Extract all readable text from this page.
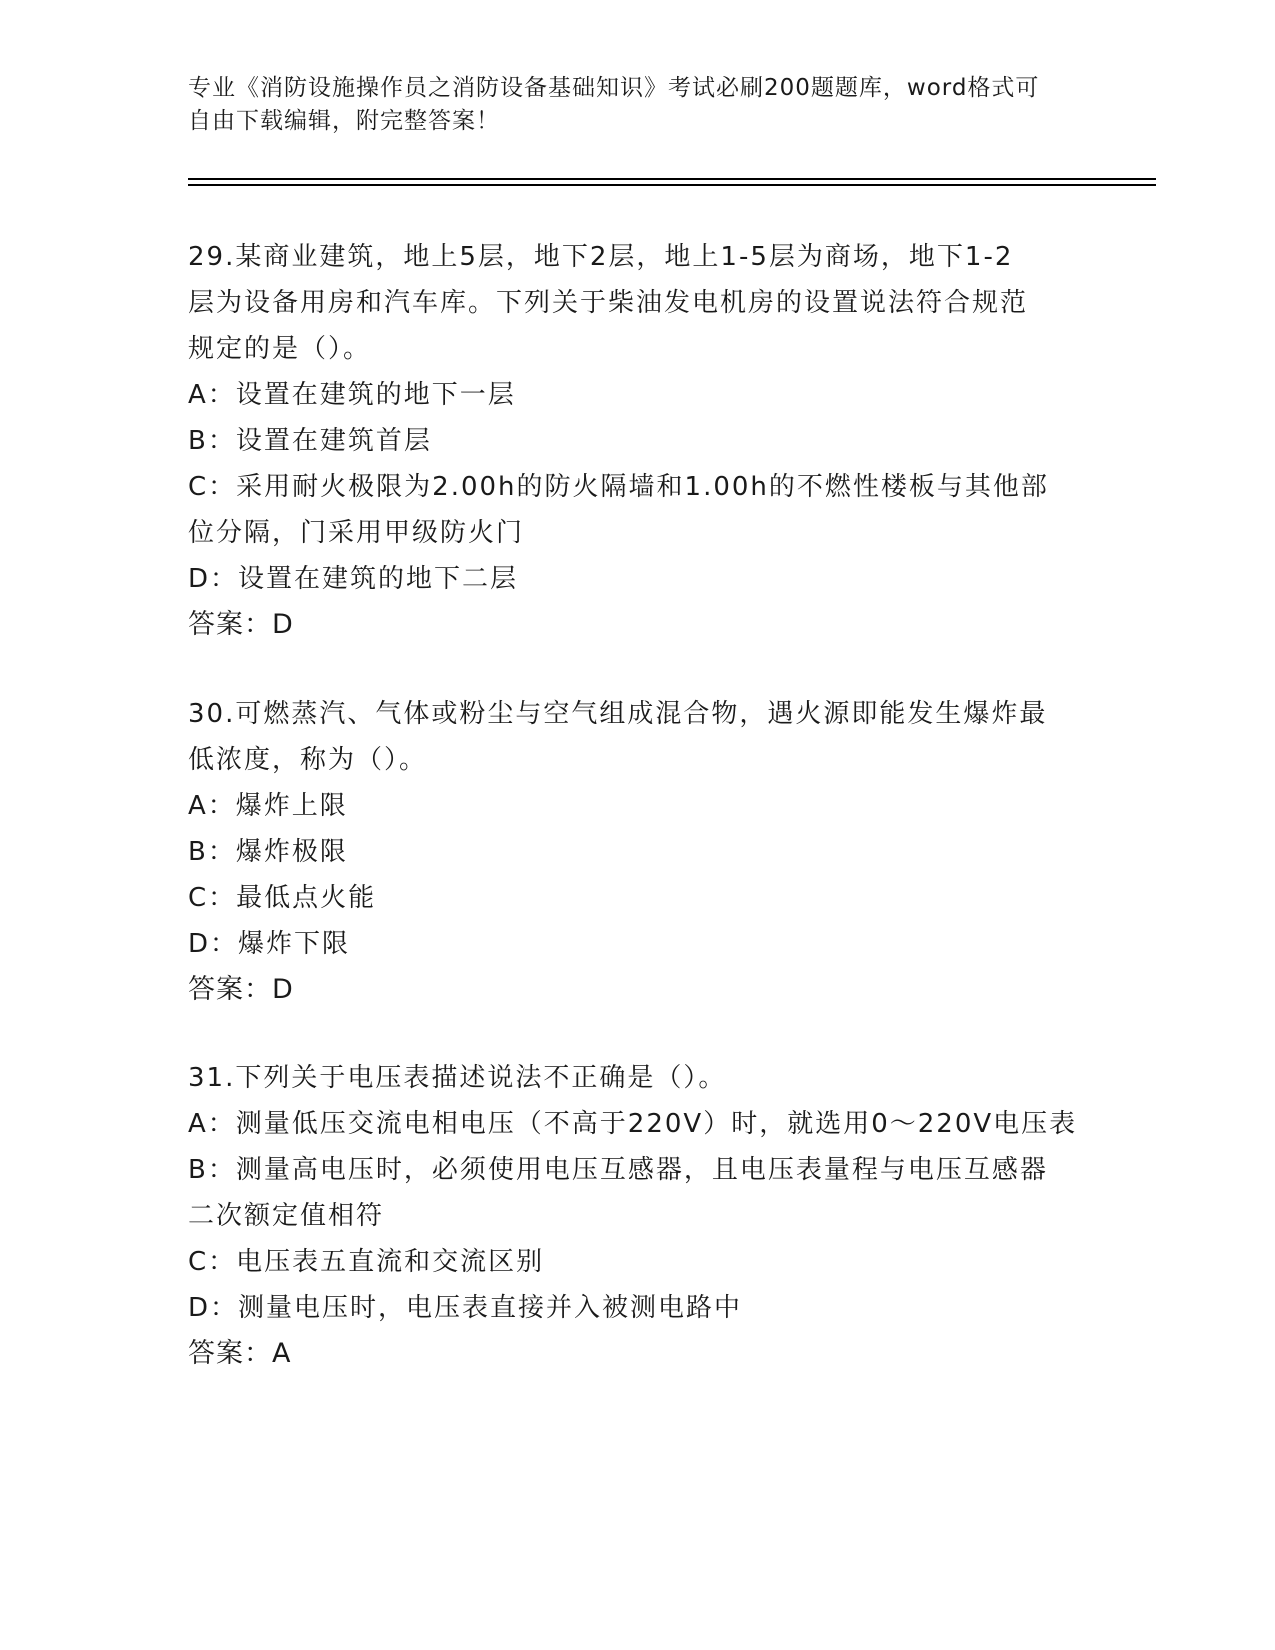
专业《消防设施操作员之消防设备基础知识》考试必刷200题题库，word格式可
自由下载编辑，附完整答案！
29.某商业建筑，地上5层，地下2层，地上1-5层为商场，地下1-2
层为设备用房和汽车库。下列关于柴油发电机房的设置说法符合规范
规定的是（）。
A：设置在建筑的地下一层
B：设置在建筑首层
C：采用耐火极限为2.00h的防火隔墙和1.00h的不燃性楼板与其他部
位分隔，门采用甲级防火门
D：设置在建筑的地下二层
答案：D
30.可燃蒸汽、气体或粉尘与空气组成混合物，遇火源即能发生爆炸最
低浓度，称为（）。
A：爆炸上限
B：爆炸极限
C：最低点火能
D：爆炸下限
答案：D
31.下列关于电压表描述说法不正确是（）。
A：测量低压交流电相电压（不高于220V）时，就选用0～220V电压表
B：测量高电压时，必须使用电压互感器，且电压表量程与电压互感器
二次额定值相符
C：电压表五直流和交流区别
D：测量电压时，电压表直接并入被测电路中
答案：A
